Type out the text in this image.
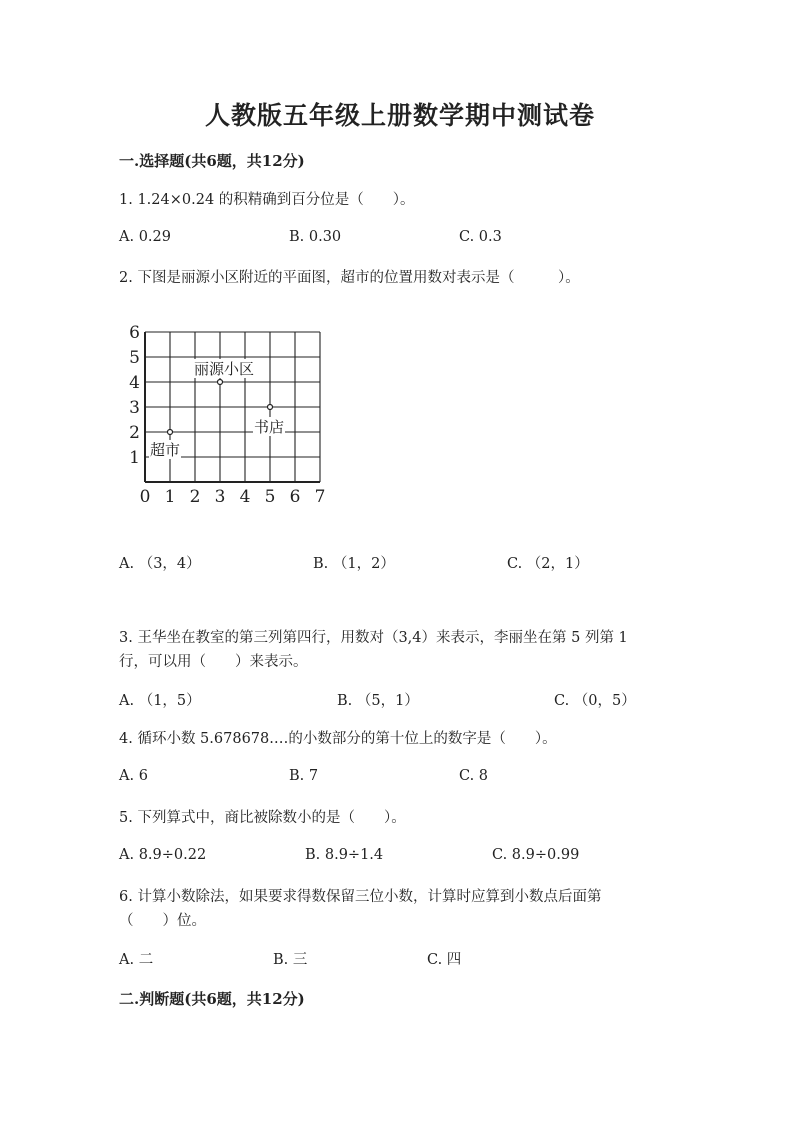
人教版五年级上册数学期中测试卷
一.选择题(共6题，共12分)
1. 1.24×0.24 的积精确到百分位是（　　）。
A. 0.29	B. 0.30	C. 0.3
2. 下图是丽源小区附近的平面图，超市的位置用数对表示是（　　　）。
0 1 2 3 4 5 6 7
1
2
3
4
5
6
丽源小区
书店
超市
A. （3，4）	B. （1，2）	C. （2，1）
3. 王华坐在教室的第三列第四行，用数对（3,4）来表示，李丽坐在第 5 列第 1
行，可以用（　　）来表示。
A. （1，5）	B. （5，1）	C. （0，5）
4. 循环小数 5.678678.…的小数部分的第十位上的数字是（　　）。
A. 6	B. 7	C. 8
5. 下列算式中，商比被除数小的是（　　）。
A. 8.9÷0.22	B. 8.9÷1.4	C. 8.9÷0.99
6. 计算小数除法，如果要求得数保留三位小数，计算时应算到小数点后面第
（　　）位。
A. 二	B. 三	C. 四
二.判断题(共6题，共12分)
